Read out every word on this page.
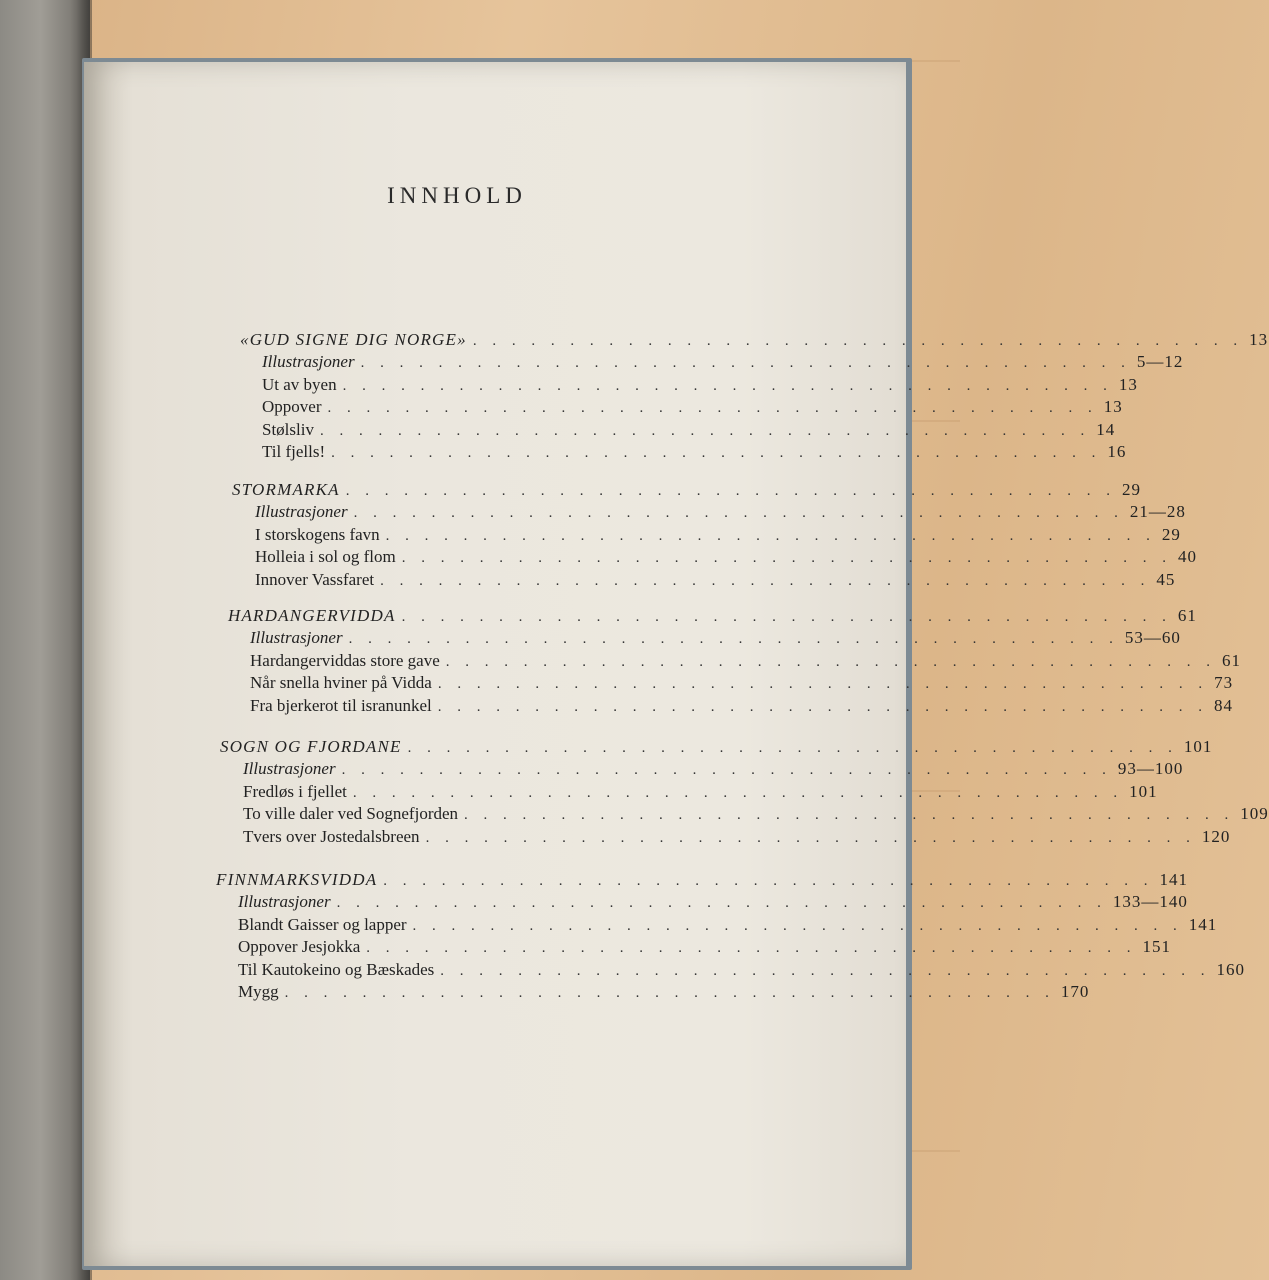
INNHOLD
«GUD SIGNE DIG NORGE» . . . . . . . . . . . . . . . . . . . . . . . . . . . . . . . . . . . . . . . . 13
Illustrasjoner . . . . . . . . . . . . . . . . . . . . . . . . . . . . . . . . . . . . . . . . 5—12
Ut av byen . . . . . . . . . . . . . . . . . . . . . . . . . . . . . . . . . . . . . . . . 13
Oppover . . . . . . . . . . . . . . . . . . . . . . . . . . . . . . . . . . . . . . . . 13
Stølsliv . . . . . . . . . . . . . . . . . . . . . . . . . . . . . . . . . . . . . . . . 14
Til fjells! . . . . . . . . . . . . . . . . . . . . . . . . . . . . . . . . . . . . . . . . 16
STORMARKA . . . . . . . . . . . . . . . . . . . . . . . . . . . . . . . . . . . . . . . . 29
Illustrasjoner . . . . . . . . . . . . . . . . . . . . . . . . . . . . . . . . . . . . . . . . 21—28
I storskogens favn . . . . . . . . . . . . . . . . . . . . . . . . . . . . . . . . . . . . . . . . 29
Holleia i sol og flom . . . . . . . . . . . . . . . . . . . . . . . . . . . . . . . . . . . . . . . . 40
Innover Vassfaret . . . . . . . . . . . . . . . . . . . . . . . . . . . . . . . . . . . . . . . . 45
HARDANGERVIDDA . . . . . . . . . . . . . . . . . . . . . . . . . . . . . . . . . . . . . . . . 61
Illustrasjoner . . . . . . . . . . . . . . . . . . . . . . . . . . . . . . . . . . . . . . . . 53—60
Hardangerviddas store gave . . . . . . . . . . . . . . . . . . . . . . . . . . . . . . . . . . . . . . . . 61
Når snella hviner på Vidda . . . . . . . . . . . . . . . . . . . . . . . . . . . . . . . . . . . . . . . . 73
Fra bjerkerot til isranunkel . . . . . . . . . . . . . . . . . . . . . . . . . . . . . . . . . . . . . . . . 84
SOGN OG FJORDANE . . . . . . . . . . . . . . . . . . . . . . . . . . . . . . . . . . . . . . . . 101
Illustrasjoner . . . . . . . . . . . . . . . . . . . . . . . . . . . . . . . . . . . . . . . . 93—100
Fredløs i fjellet . . . . . . . . . . . . . . . . . . . . . . . . . . . . . . . . . . . . . . . . 101
To ville daler ved Sognefjorden . . . . . . . . . . . . . . . . . . . . . . . . . . . . . . . . . . . . . . . . 109
Tvers over Jostedalsbreen . . . . . . . . . . . . . . . . . . . . . . . . . . . . . . . . . . . . . . . . 120
FINNMARKSVIDDA . . . . . . . . . . . . . . . . . . . . . . . . . . . . . . . . . . . . . . . . 141
Illustrasjoner . . . . . . . . . . . . . . . . . . . . . . . . . . . . . . . . . . . . . . . . 133—140
Blandt Gaisser og lapper . . . . . . . . . . . . . . . . . . . . . . . . . . . . . . . . . . . . . . . . 141
Oppover Jesjokka . . . . . . . . . . . . . . . . . . . . . . . . . . . . . . . . . . . . . . . . 151
Til Kautokeino og Bæskades . . . . . . . . . . . . . . . . . . . . . . . . . . . . . . . . . . . . . . . . 160
Mygg . . . . . . . . . . . . . . . . . . . . . . . . . . . . . . . . . . . . . . . . 170
